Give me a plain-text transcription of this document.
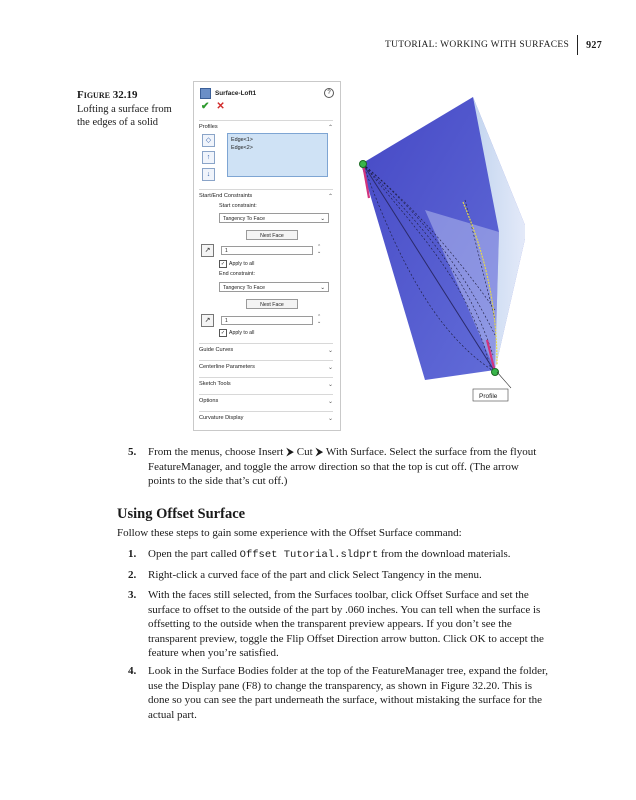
TUTORIAL: WORKING WITH SURFACES	927
Figure 32.19
Lofting a surface from the edges of a solid
Surface-Loft1	?
✔ ✕
Profiles	⌃
◇
↑
↓
Edge<1>
Edge<2>
Start/End Constraints	⌃
Start constraint:
Tangency To Face	⌄
Next Face
↗	1
⌃
⌄
✓ Apply to all
End constraint:
Tangency To Face	⌄
Next Face
↗	1
⌃
⌄
✓ Apply to all
Guide Curves	⌄
Centerline Parameters	⌄
Sketch Tools	⌄
Options	⌄
Curvature Display	⌄
Profile
5. From the menus, choose Insert ⮞ Cut ⮞ With Surface. Select the surface from the flyout
FeatureManager, and toggle the arrow direction so that the top is cut off. (The arrow
points to the side that’s cut off.)
Using Offset Surface
Follow these steps to gain some experience with the Offset Surface command:
1. Open the part called Offset Tutorial.sldprt from the download materials.
2. Right-click a curved face of the part and click Select Tangency in the menu.
3. With the faces still selected, from the Surfaces toolbar, click Offset Surface and set the
surface to offset to the outside of the part by .060 inches. You can tell when the surface is
offsetting to the outside when the transparent preview appears. If you don’t see the
transparent preview, toggle the Flip Offset Direction arrow button. Click OK to accept the
feature when you’re satisfied.
4. Look in the Surface Bodies folder at the top of the FeatureManager tree, expand the folder,
use the Display pane (F8) to change the transparency, as shown in Figure 32.20. This is
done so you can see the part underneath the surface, without mistaking the surface for the
actual part.
